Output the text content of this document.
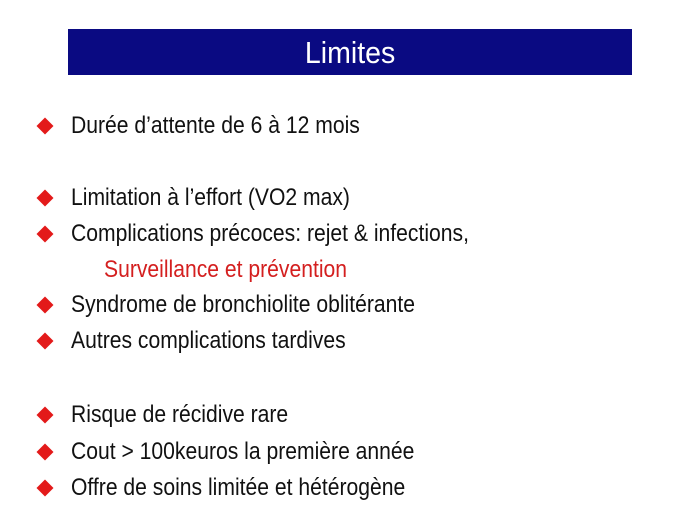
Limites
Durée d’attente de 6 à 12 mois
Limitation à l’effort (VO2 max)
Complications précoces: rejet & infections,
Surveillance et prévention
Syndrome de bronchiolite oblitérante
Autres complications tardives
Risque de récidive rare
Cout > 100keuros la première année
Offre de soins limitée et hétérogène
